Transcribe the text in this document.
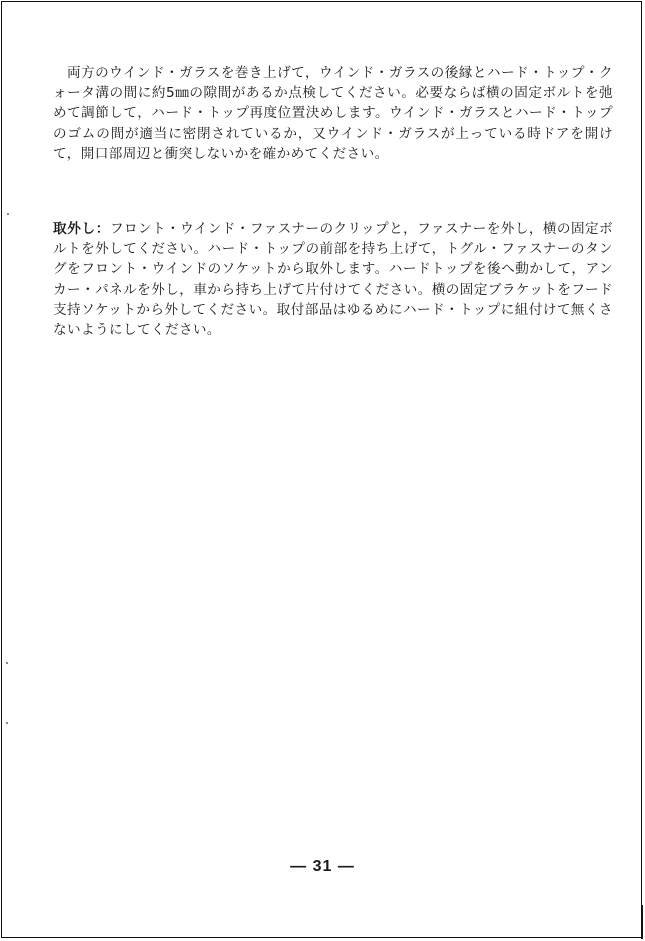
両方のウインド・ガラスを巻き上げて，ウインド・ガラスの後縁とハード・トップ・クォータ溝の間に約5㎜の隙間があるか点検してください。必要ならば横の固定ボルトを弛めて調節して，ハード・トップ再度位置決めします。ウインド・ガラスとハード・トップのゴムの間が適当に密閉されているか，又ウインド・ガラスが上っている時ドアを開けて，開口部周辺と衝突しないかを確かめてください。

取外し：フロント・ウインド・ファスナーのクリップと，ファスナーを外し，横の固定ボルトを外してください。ハード・トップの前部を持ち上げて，トグル・ファスナーのタングをフロント・ウインドのソケットから取外します。ハードトップを後へ動かして，アンカー・パネルを外し，車から持ち上げて片付けてください。横の固定ブラケットをフード支持ソケットから外してください。取付部品はゆるめにハード・トップに組付けて無くさないようにしてください。

— 31 —
